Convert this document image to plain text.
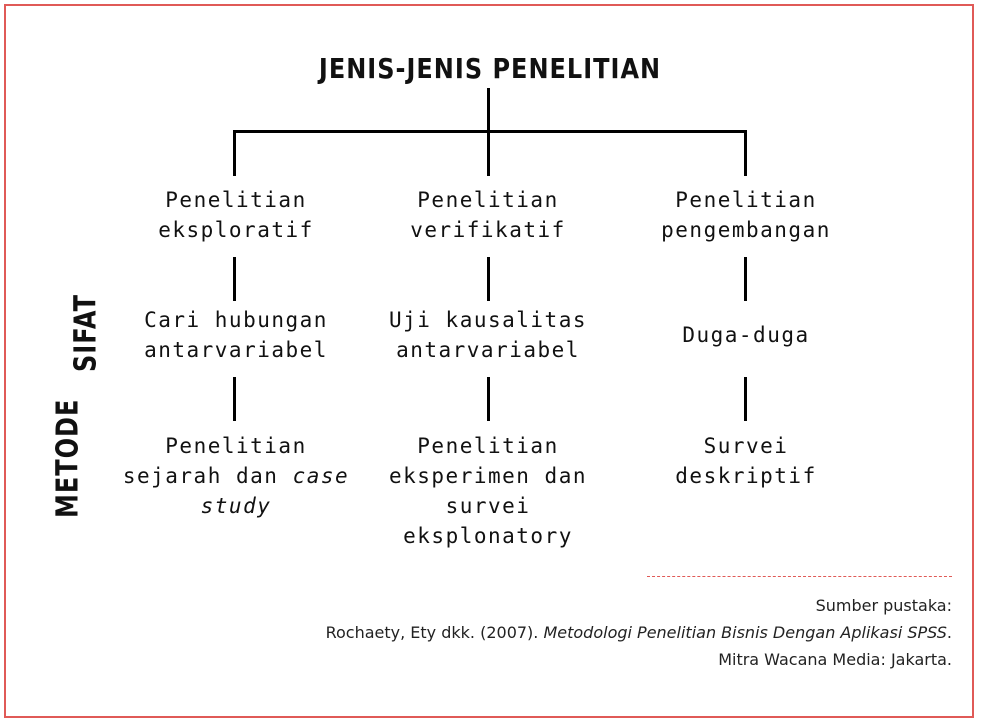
JENIS-JENIS PENELITIAN
Penelitian
eksploratif
Penelitian
verifikatif
Penelitian
pengembangan
Cari hubungan
antarvariabel
Uji kausalitas
antarvariabel
Duga-duga
Penelitian
sejarah dan case
study
Penelitian
eksperimen dan
survei
eksplonatory
Survei
deskriptif
METODE
SIFAT
Sumber pustaka:
Rochaety, Ety dkk. (2007). Metodologi Penelitian Bisnis Dengan Aplikasi SPSS.
Mitra Wacana Media: Jakarta.
